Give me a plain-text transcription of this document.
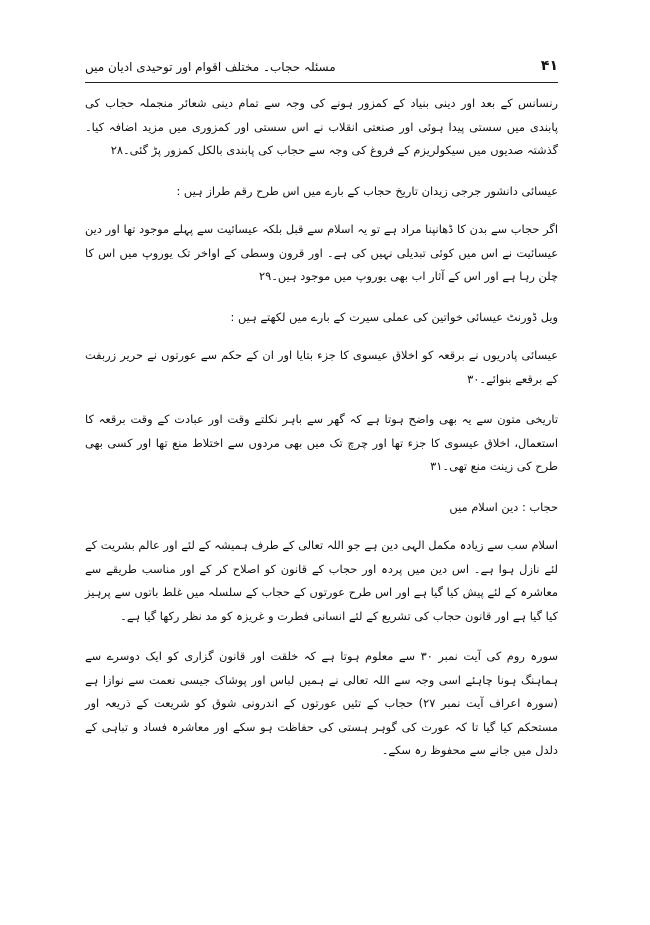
۴۱
مسئلہ حجاب۔ مختلف اقوام اور توحیدی ادیان میں

رنسانس کے بعد اور دینی بنیاد کے کمزور ہونے کی وجہ سے تمام دینی شعائر منجملہ حجاب کی پابندی میں سستی پیدا ہوئی اور صنعتی انقلاب نے اس سستی اور کمزوری میں مزید اضافہ کیا۔ گذشتہ صدیوں میں سیکولریزم کے فروغ کی وجہ سے حجاب کی پابندی بالکل کمزور پڑ گئی۔۲۸

عیسائی دانشور جرجی زیدان تاریخ حجاب کے بارے میں اس طرح رقم طراز ہیں :

اگر حجاب سے بدن کا ڈھانپنا مراد ہے تو یہ اسلام سے قبل بلکہ عیسائیت سے پہلے موجود تھا اور دین عیسائیت نے اس میں کوئی تبدیلی نہیں کی ہے۔ اور قرون وسطی کے اواخر تک یوروپ میں اس کا چلن رہا ہے اور اس کے آثار اب بھی یوروپ میں موجود ہیں۔۲۹

ویل ڈورنٹ عیسائی خواتین کی عملی سیرت کے بارے میں لکھتے ہیں :

عیسائی پادریوں نے برقعہ کو اخلاق عیسوی کا جزء بتایا اور ان کے حکم سے عورتوں نے حریر زربفت کے برقعے بنوائے۔۳۰

تاریخی متون سے یہ بھی واضح ہوتا ہے کہ گھر سے باہر نکلتے وقت اور عبادت کے وقت برقعہ کا استعمال، اخلاق عیسوی کا جزء تھا اور چرچ تک میں بھی مردوں سے اختلاط منع تھا اور کسی بھی طرح کی زینت منع تھی۔۳۱

حجاب : دین اسلام میں

اسلام سب سے زیادہ مکمل الہی دین ہے جو اللہ تعالی کے طرف ہمیشہ کے لئے اور عالم بشریت کے لئے نازل ہوا ہے۔ اس دین میں پردہ اور حجاب کے قانون کو اصلاح کر کے اور مناسب طریقے سے معاشرہ کے لئے پیش کیا گیا ہے اور اس طرح عورتوں کے حجاب کے سلسلہ میں غلط باتوں سے پرہیز کیا گیا ہے اور قانون حجاب کی تشریع کے لئے انسانی فطرت و غریزہ کو مد نظر رکھا گیا ہے۔

سورہ روم کی آیت نمبر ۳۰ سے معلوم ہوتا ہے کہ خلقت اور قانون گزاری کو ایک دوسرے سے ہماہنگ ہونا چاہئے اسی وجہ سے اللہ تعالی نے ہمیں لباس اور پوشاک جیسی نعمت سے نوازا ہے (سورہ اعراف آیت نمبر ۲۷) حجاب کے تئیں عورتوں کے اندرونی شوق کو شریعت کے ذریعہ اور مستحکم کیا گیا تا کہ عورت کی گوہر ہستی کی حفاظت ہو سکے اور معاشرہ فساد و تباہی کے دلدل میں جانے سے محفوظ رہ سکے۔
